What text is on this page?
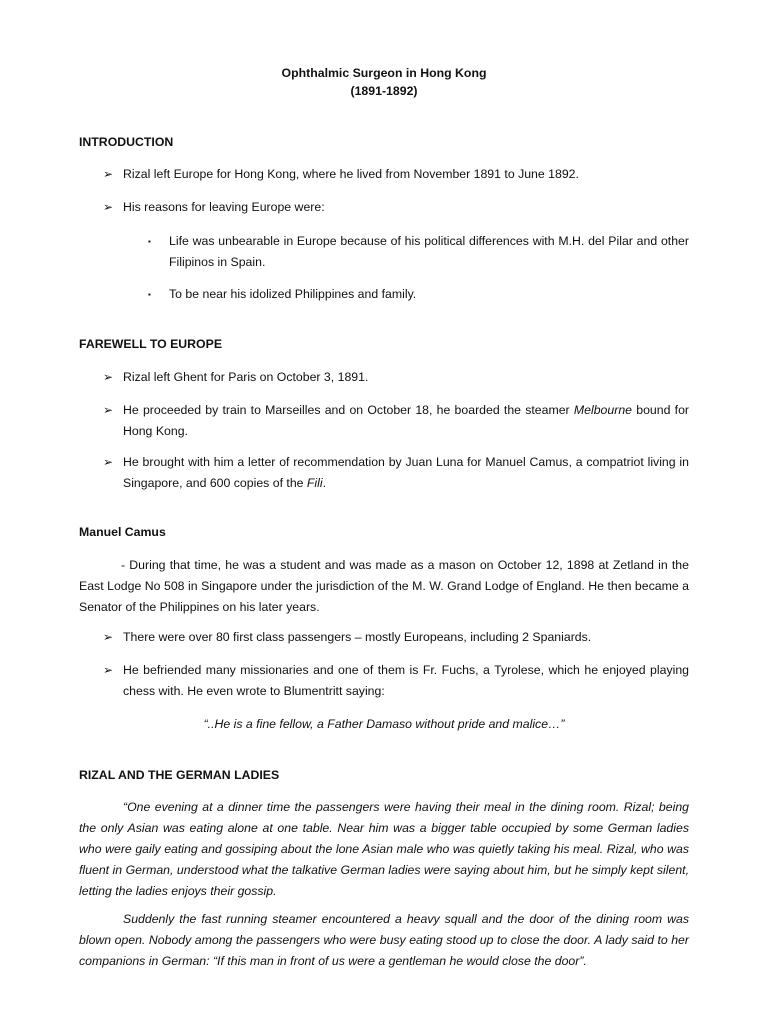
Ophthalmic Surgeon in Hong Kong
(1891-1892)
INTRODUCTION
➢ Rizal left Europe for Hong Kong, where he lived from November 1891 to June 1892.
➢ His reasons for leaving Europe were:
▪ Life was unbearable in Europe because of his political differences with M.H. del Pilar and other Filipinos in Spain.
▪ To be near his idolized Philippines and family.
FAREWELL TO EUROPE
➢ Rizal left Ghent for Paris on October 3, 1891.
➢ He proceeded by train to Marseilles and on October 18, he boarded the steamer Melbourne bound for Hong Kong.
➢ He brought with him a letter of recommendation by Juan Luna for Manuel Camus, a compatriot living in Singapore, and 600 copies of the Fili.
Manuel Camus
- During that time, he was a student and was made as a mason on October 12, 1898 at Zetland in the East Lodge No 508 in Singapore under the jurisdiction of the M. W. Grand Lodge of England. He then became a Senator of the Philippines on his later years.
➢ There were over 80 first class passengers – mostly Europeans, including 2 Spaniards.
➢ He befriended many missionaries and one of them is Fr. Fuchs, a Tyrolese, which he enjoyed playing chess with. He even wrote to Blumentritt saying:
“..He is a fine fellow, a Father Damaso without pride and malice…”
RIZAL AND THE GERMAN LADIES
“One evening at a dinner time the passengers were having their meal in the dining room. Rizal; being the only Asian was eating alone at one table. Near him was a bigger table occupied by some German ladies who were gaily eating and gossiping about the lone Asian male who was quietly taking his meal. Rizal, who was fluent in German, understood what the talkative German ladies were saying about him, but he simply kept silent, letting the ladies enjoys their gossip.
Suddenly the fast running steamer encountered a heavy squall and the door of the dining room was blown open. Nobody among the passengers who were busy eating stood up to close the door. A lady said to her companions in German: “If this man in front of us were a gentleman he would close the door”.
